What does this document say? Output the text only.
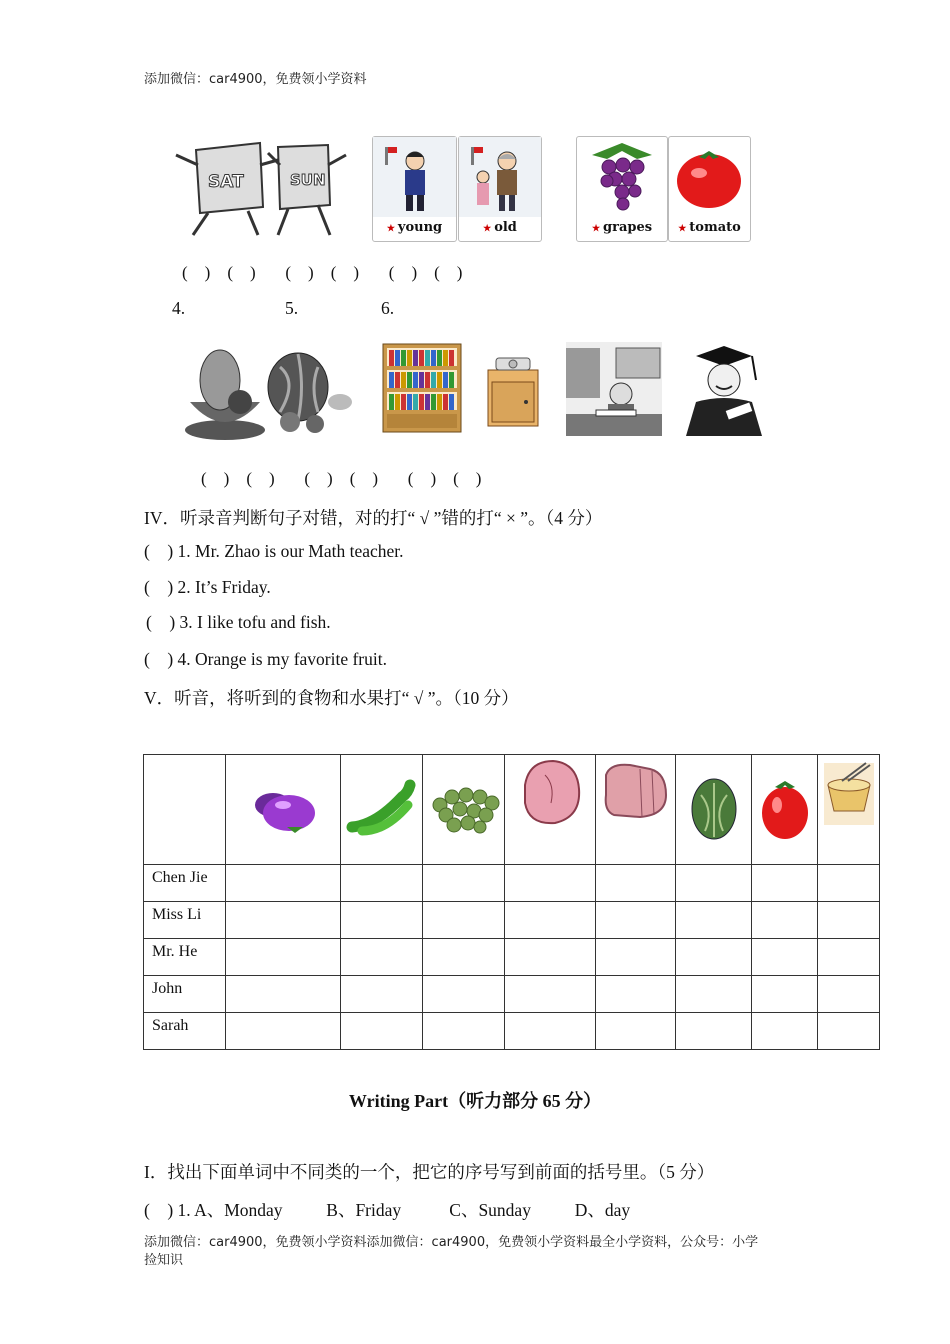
添加微信：car4900，免费领小学资料
SAT	SUN
★ young	★ old	★ grapes	★ tomato
(    )    (    )       (    )    (    )       (    )    (    )
4.	5.	6.
(    )    (    )       (    )    (    )       (    )    (    )
IV．听录音判断句子对错，对的打“ √ ”错的打“ × ”。（4 分）
(    ) 1. Mr. Zhao is our Math teacher.
(    ) 2. It’s Friday.
(    ) 3. I like tofu and fish.
(    ) 4. Orange is my favorite fruit.
V．听音，将听到的食物和水果打“ √ ”。（10 分）

Chen Jie								
Miss Li								
Mr. He								
John								
Sarah								
Writing Part（听力部分 65 分）
I．找出下面单词中不同类的一个，把它的序号写到前面的括号里。（5 分）
(    ) 1. A、Monday          B、Friday           C、Sunday          D、day
添加微信：car4900，免费领小学资料添加微信：car4900，免费领小学资料最全小学资料，公众号：小学
捡知识
